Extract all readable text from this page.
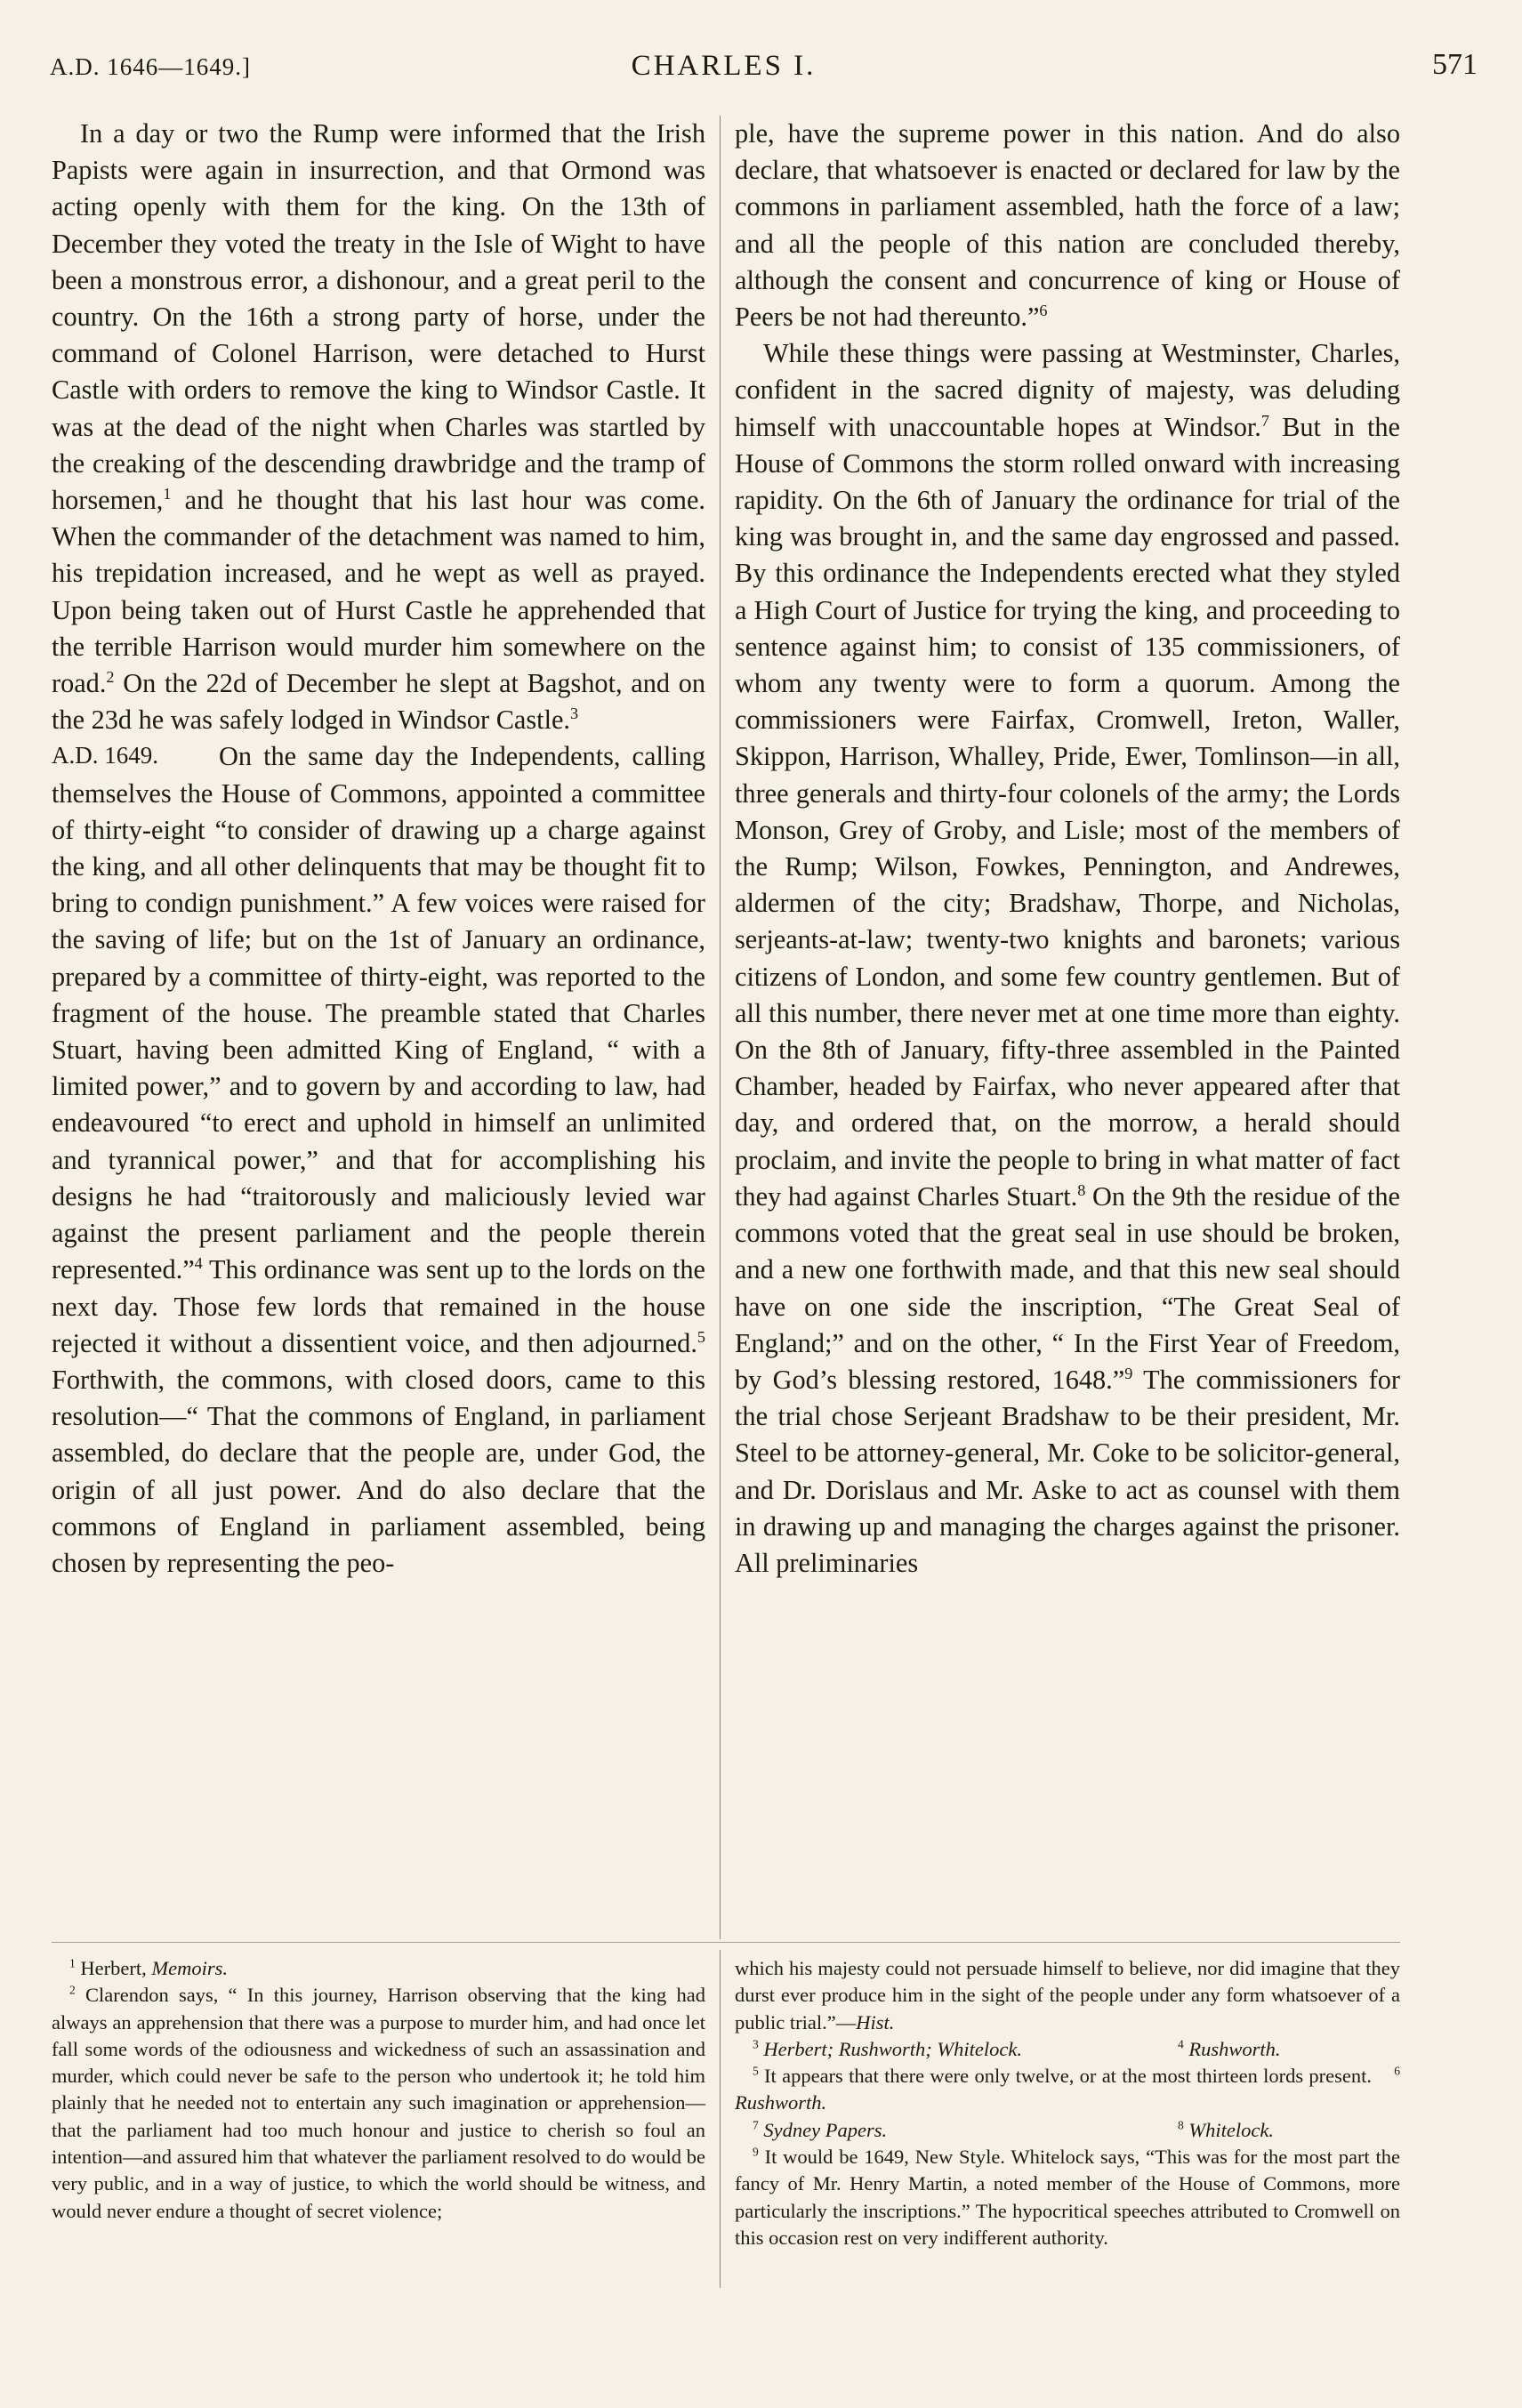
A.D. 1646—1649.]	CHARLES I.	571

In a day or two the Rump were informed that the Irish Papists were again in insurrection, and that Ormond was acting openly with them for the king. On the 13th of December they voted the treaty in the Isle of Wight to have been a monstrous error, a dishonour, and a great peril to the country. On the 16th a strong party of horse, under the command of Colonel Harrison, were detached to Hurst Castle with orders to remove the king to Windsor Castle. It was at the dead of the night when Charles was startled by the creaking of the descending drawbridge and the tramp of horsemen,$^1$ and he thought that his last hour was come. When the commander of the detachment was named to him, his trepidation increased, and he wept as well as prayed. Upon being taken out of Hurst Castle he apprehended that the terrible Harrison would murder him somewhere on the road.$^2$ On the 22d of December he slept at Bagshot, and on the 23d he was safely lodged in Windsor Castle.$^3$

A.D. 1649.	On the same day the Independents, calling themselves the House of Commons, appointed a committee of thirty-eight “to consider of drawing up a charge against the king, and all other delinquents that may be thought fit to bring to condign punishment.” A few voices were raised for the saving of life; but on the 1st of January an ordinance, prepared by a committee of thirty-eight, was reported to the fragment of the house. The preamble stated that Charles Stuart, having been admitted King of England, “ with a limited power,” and to govern by and according to law, had endeavoured “to erect and uphold in himself an unlimited and tyrannical power,” and that for accomplishing his designs he had “traitorously and maliciously levied war against the present parliament and the people therein represented.”$^4$ This ordinance was sent up to the lords on the next day. Those few lords that remained in the house rejected it without a dissentient voice, and then adjourned.$^5$ Forthwith, the commons, with closed doors, came to this resolution—“ That the commons of England, in parliament assembled, do declare that the people are, under God, the origin of all just power. And do also declare that the commons of England in parliament assembled, being chosen by representing the peo-

ple, have the supreme power in this nation. And do also declare, that whatsoever is enacted or declared for law by the commons in parliament assembled, hath the force of a law; and all the people of this nation are concluded thereby, although the consent and concurrence of king or House of Peers be not had thereunto.”$^6$

While these things were passing at Westminster, Charles, confident in the sacred dignity of majesty, was deluding himself with unaccountable hopes at Windsor.$^7$ But in the House of Commons the storm rolled onward with increasing rapidity. On the 6th of January the ordinance for trial of the king was brought in, and the same day engrossed and passed. By this ordinance the Independents erected what they styled a High Court of Justice for trying the king, and proceeding to sentence against him; to consist of 135 commissioners, of whom any twenty were to form a quorum. Among the commissioners were Fairfax, Cromwell, Ireton, Waller, Skippon, Harrison, Whalley, Pride, Ewer, Tomlinson—in all, three generals and thirty-four colonels of the army; the Lords Monson, Grey of Groby, and Lisle; most of the members of the Rump; Wilson, Fowkes, Pennington, and Andrewes, aldermen of the city; Bradshaw, Thorpe, and Nicholas, serjeants-at-law; twenty-two knights and baronets; various citizens of London, and some few country gentlemen. But of all this number, there never met at one time more than eighty. On the 8th of January, fifty-three assembled in the Painted Chamber, headed by Fairfax, who never appeared after that day, and ordered that, on the morrow, a herald should proclaim, and invite the people to bring in what matter of fact they had against Charles Stuart.$^8$ On the 9th the residue of the commons voted that the great seal in use should be broken, and a new one forthwith made, and that this new seal should have on one side the inscription, “The Great Seal of England;” and on the other, “ In the First Year of Freedom, by God’s blessing restored, 1648.”$^9$ The commissioners for the trial chose Serjeant Bradshaw to be their president, Mr. Steel to be attorney-general, Mr. Coke to be solicitor-general, and Dr. Dorislaus and Mr. Aske to act as counsel with them in drawing up and managing the charges against the prisoner. All preliminaries

$^1$ Herbert, Memoirs.

$^2$ Clarendon says, “ In this journey, Harrison observing that the king had always an apprehension that there was a purpose to murder him, and had once let fall some words of the odiousness and wickedness of such an assassination and murder, which could never be safe to the person who undertook it; he told him plainly that he needed not to entertain any such imagination or apprehension—that the parliament had too much honour and justice to cherish so foul an intention—and assured him that whatever the parliament resolved to do would be very public, and in a way of justice, to which the world should be witness, and would never endure a thought of secret violence;

which his majesty could not persuade himself to believe, nor did imagine that they durst ever produce him in the sight of the people under any form whatsoever of a public trial.”—Hist.

$^3$ Herbert; Rushworth; Whitelock.	$^4$ Rushworth.

$^5$ It appears that there were only twelve, or at the most thirteen lords present. $^6$ Rushworth.

$^7$ Sydney Papers.	$^8$ Whitelock.

$^9$ It would be 1649, New Style. Whitelock says, “This was for the most part the fancy of Mr. Henry Martin, a noted member of the House of Commons, more particularly the inscriptions.” The hypocritical speeches attributed to Cromwell on this occasion rest on very indifferent authority.
